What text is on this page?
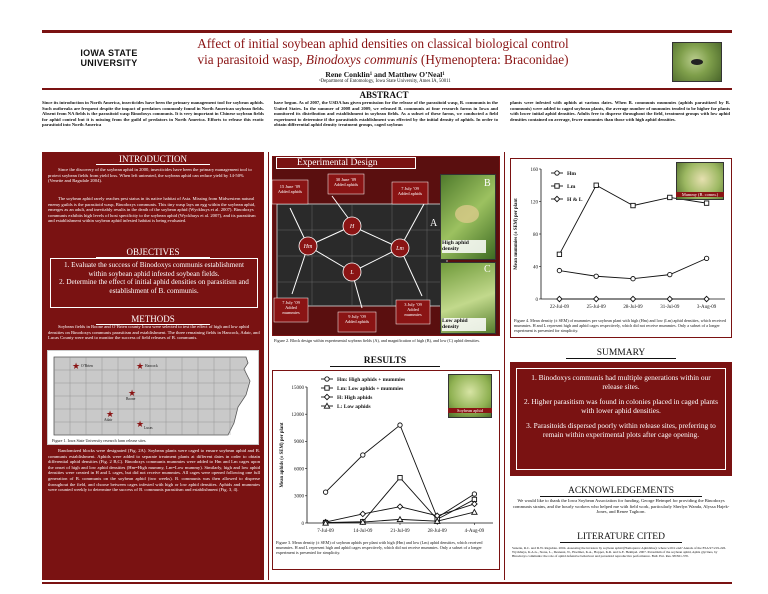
IOWA STATE
UNIVERSITY
Affect of initial soybean aphid densities on classical biological control
via parasitoid wasp, Binodoxys communis (Hymenoptera: Braconidae)
Rene Conklin¹ and Matthew O’Neal¹
¹Department of Entomology, Iowa State University, Ames IA, 50011
ABSTRACT
Since its introduction in North America, insecticides have been the primary management tool for soybean aphids. Such outbreaks are frequent despite the impact of predators commonly found in North American soybean fields. Absent from NA fields is the parasitoid wasp Binodoxys communis. It is very important in Chinese soybean fields for aphid control but it is missing from the guild of predators in North America. Efforts to release this exotic parasitoid into North America
have begun. As of 2007, the USDA has given permission for the release of the parasitoid wasp, B. communis in the United States. In the summer of 2008 and 2009, we released B. communis at four research farms in Iowa and monitored its distribution and establishment in soybean fields. As a subset of these farms, we conducted a field experiment to determine if the parasitoids establishment was effected by the initial density of aphids. In order to obtain differential aphid density treatment groups, caged soybean
plants were infested with aphids at various dates. When B. communis mummies (aphids parasitized by B. communis) were added to caged soybean plants, the average number of mummies tended to be higher for plants with lower initial aphid densities. Adults free to disperse throughout the field, treatment groups with low aphid densities contained on average, fewer mummies than those with high aphid densities.
INTRODUCTION
Since the discovery of the soybean aphid in 2000, insecticides have been the primary management tool to protect soybean fields from yield loss. When left untreated, the soybean aphid can reduce yield by 14-50% (Venette and Ragsdale 2004).
The soybean aphid rarely reaches pest status in its native habitat of Asia. Missing from Midwestern natural enemy guilds is the parasitoid wasp, Binodoxys communis. This tiny wasp lays an egg within the soybean aphid, emerges as an adult, and inevitably results in the death of the soybean aphid (Wyckhuys et al. 2007). Binodoxys communis exhibits high levels of host specificity to the soybean aphid (Wyckhuys et al. 2007), and its parasitism and establishment within soybean aphid infested habitat is being evaluated.
OBJECTIVES
1. Evaluate the success of Binodoxys communis establishment within soybean aphid infested soybean fields.
2. Determine the effect of initial aphid densities on parasitism and establishment of B. communis.
METHODS
Soybean fields in Boone and O’Brien county Iowa were selected to test the effect of high and low aphid densities on Binodoxys communis parasitism and establishment. The three remaining fields in Hancock, Adair, and Lucas County were used to monitor the success of field releases of B. communis.
★	★
★
★
★
O’Brien	Hancock
Boone
Adair
Lucas
Figure 1. Iowa State University research farm release sites.
Randomized blocks were designated (Fig. 2A). Soybean plants were caged to ensure soybean aphid and B. communis establishment. Aphids were added to separate treatment plants at different dates in order to obtain differential aphid densities (Fig. 2 B,C). Binodoxys communis mummies were added to Hm and Lm cages upon the onset of high and low aphid densities (Hm=High mummy, Lm=Low mummy). Similarly, high and low aphid densities were created in H and L cages, but did not receive mummies. All cages were opened following one full generation of B. communis on the soybean aphid (two weeks). B. communis was then allowed to disperse throughout the field, and choose between cages infested with high or low aphid densities. Aphids and mummies were counted weekly to determine the success of B. communis parasitism and establishment (Fig. 3, 4).
Experimental Design
Hm
H
Lm
L
A
15 June ’09
Added aphids
30 June ’09
Added aphids
7 July ’09
Added aphids
7 July ’09
Added
mummies
9 July ’09
Added aphids
3 July ’09
Added
mummies
B
High aphid density
C
Low aphid density
Figure 2. Block design within experimental soybean fields (A), and magnification of high (B), and low (C) aphid densities.
RESULTS
0
3000
6000
9000
12000
15000
7-Jul-09	14-Jul-09	21-Jul-09	28-Jul-09	4-Aug-09
Mean aphids (± SEM) per plant
Hm: High aphids + mummies
Lm: Low aphids + mummies
H: High aphids
L: Low aphids
Soybean aphid
Figure 3. Mean density (± SEM) of soybean aphids per plant with high (Hm) and low (Lm) aphid densities, which received mummies. H and L represent high and aphid cages respectively, which did not receive mummies. Only a subset of a longer experiment is presented for simplicity.
0
40
80
120
160
22-Jul-09	25-Jul-09	28-Jul-09	31-Jul-09	3-Aug-09
Mean mummies (± SEM) per plant
Hm
Lm
H & L
Mummy (B. comm.)
Figure 4. Mean density (± SEM) of mummies per soybean plant with high (Hm) and low (Lm) aphid densities, which received mummies. H and L represent high and aphid cages respectively, which did not receive mummies. Only a subset of a longer experiment is presented for simplicity.
SUMMARY
1. Binodoxys communis had multiple generations within our release sites.
2. Higher parasitism was found in colonies placed in caged plants with lower aphid densities.
3. Parasitoids dispersed poorly within release sites, preferring to remain within experimental plots after cage opening.
ACKNOWLEDGEMENTS
We would like to thank the Iowa Soybean Association for funding, George Heimpel for providing the Binodoxys communis strains, and the hourly workers who helped me with field work, particularly Sherlyn Wanda, Alyssa Hajek-Jones, and Renee Taghorn.
LITERATURE CITED
Venette, R.C. and D.W. Ragsdale. 2004. Assessing the invasion by soybean aphid (Homoptera: Aphididae): where will it end? Annals of the ESA 97:219-226.
Wyckhuys, K.A.G., Stone, L., Desneux, N., Hoelmer, K.A., Hopper, K.R. and G.E. Heimpel. 2007. Parasitism of the soybean aphid, Aphis glycines, by Binodoxys communis: the role of aphid defensive behaviour and parasitoid reproductive performance. Bull. Ent. Res. 98:361-370.
